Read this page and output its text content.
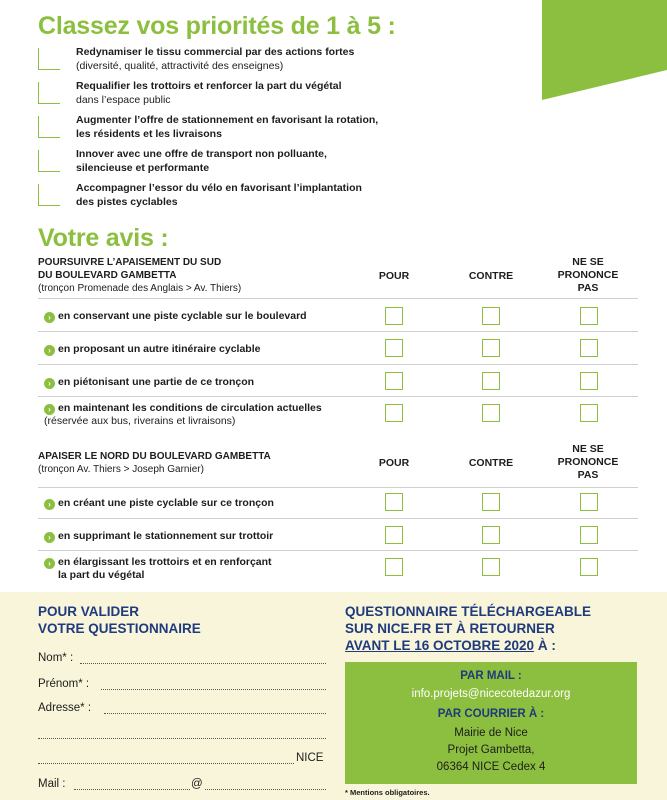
Classez vos priorités de 1 à 5 :
Redynamiser le tissu commercial par des actions fortes
(diversité, qualité, attractivité des enseignes)
Requalifier les trottoirs et renforcer la part du végétal
dans l’espace public
Augmenter l’offre de stationnement en favorisant la rotation,
les résidents et les livraisons
Innover avec une offre de transport non polluante,
silencieuse et performante
Accompagner l’essor du vélo en favorisant l’implantation
des pistes cyclables
Votre avis :
POURSUIVRE L’APAISEMENT DU SUD
DU BOULEVARD GAMBETTA
(tronçon Promenade des Anglais > Av. Thiers)
POUR	CONTRE
NE SE
PRONONCE
PAS
› en conservant une piste cyclable sur le boulevard
› en proposant un autre itinéraire cyclable
› en piétonisant une partie de ce tronçon
› en maintenant les conditions de circulation actuelles
(réservée aux bus, riverains et livraisons)
APAISER LE NORD DU BOULEVARD GAMBETTA
(tronçon Av. Thiers > Joseph Garnier)
POUR	CONTRE
NE SE
PRONONCE
PAS
› en créant une piste cyclable sur ce tronçon
› en supprimant le stationnement sur trottoir
› en élargissant les trottoirs et en renforçant
la part du végétal
POUR VALIDER
VOTRE QUESTIONNAIRE
Nom* :
Prénom* :
Adresse* :
NICE
Mail :	@
QUESTIONNAIRE TÉLÉCHARGEABLE
SUR NICE.FR ET À RETOURNER
AVANT LE 16 OCTOBRE 2020 À :
PAR MAIL :
info.projets@nicecotedazur.org
PAR COURRIER À :
Mairie de Nice
Projet Gambetta,
06364 NICE Cedex 4
* Mentions obligatoires.
